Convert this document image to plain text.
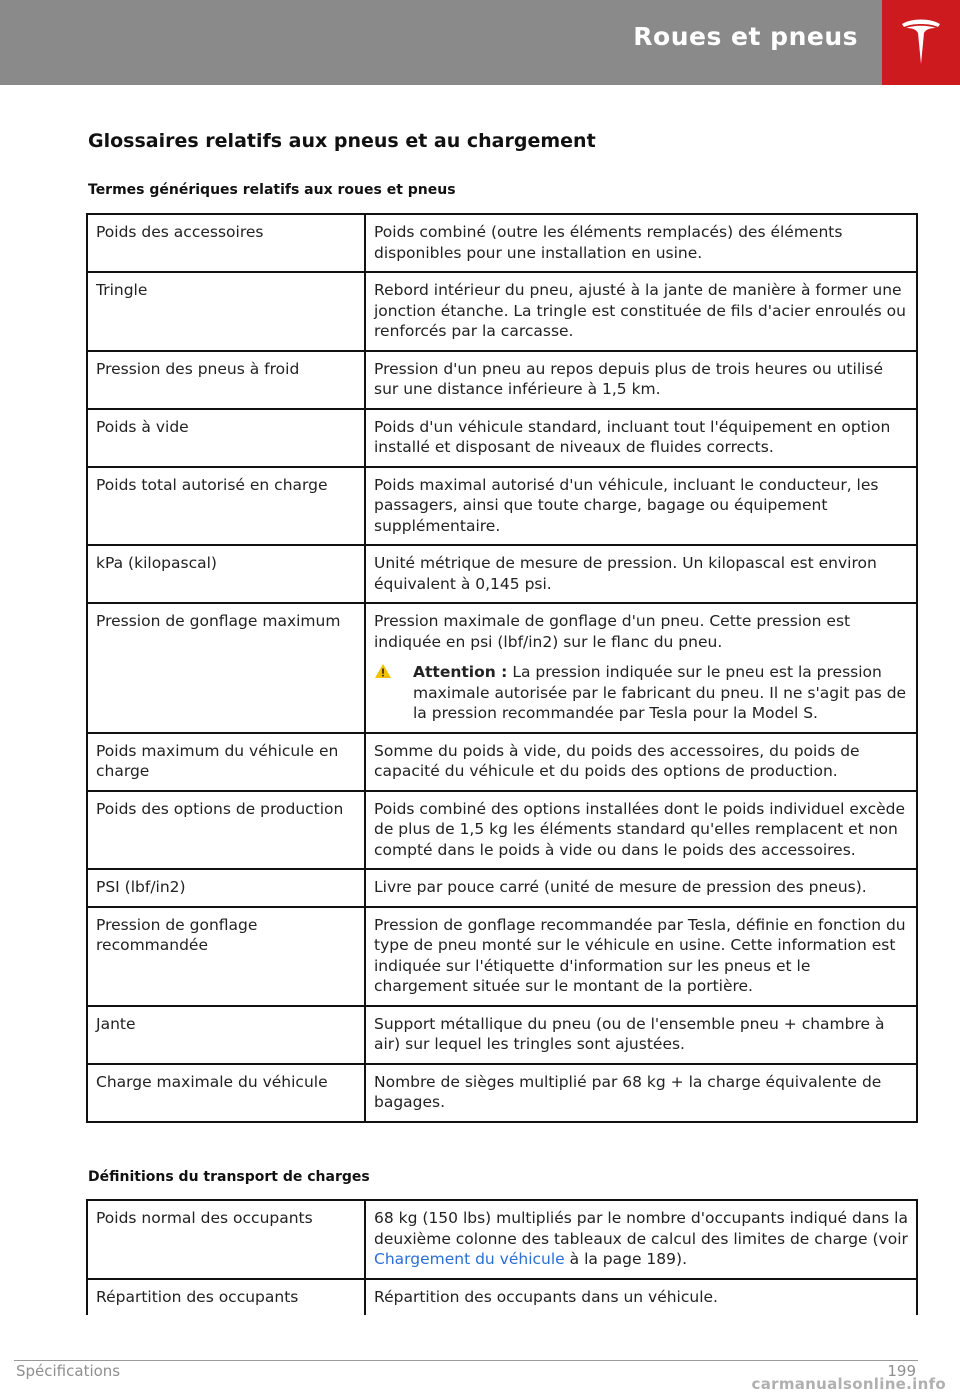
Roues et pneus
Glossaires relatifs aux pneus et au chargement
Termes génériques relatifs aux roues et pneus
Poids des accessoires	Poids combiné (outre les éléments remplacés) des éléments disponibles pour une installation en usine.
Tringle	Rebord intérieur du pneu, ajusté à la jante de manière à former une jonction étanche. La tringle est constituée de fils d'acier enroulés ou renforcés par la carcasse.
Pression des pneus à froid	Pression d'un pneu au repos depuis plus de trois heures ou utilisé sur une distance inférieure à 1,5 km.
Poids à vide	Poids d'un véhicule standard, incluant tout l'équipement en option installé et disposant de niveaux de fluides corrects.
Poids total autorisé en charge	Poids maximal autorisé d'un véhicule, incluant le conducteur, les passagers, ainsi que toute charge, bagage ou équipement supplémentaire.
kPa (kilopascal)	Unité métrique de mesure de pression. Un kilopascal est environ équivalent à 0,145 psi.
Pression de gonflage maximum	Pression maximale de gonflage d'un pneu. Cette pression est indiquée en psi (lbf/in2) sur le flanc du pneu.
Attention : La pression indiquée sur le pneu est la pression maximale autorisée par le fabricant du pneu. Il ne s'agit pas de la pression recommandée par Tesla pour la Model S.

Poids maximum du véhicule en charge	Somme du poids à vide, du poids des accessoires, du poids de capacité du véhicule et du poids des options de production.
Poids des options de production	Poids combiné des options installées dont le poids individuel excède de plus de 1,5 kg les éléments standard qu'elles remplacent et non compté dans le poids à vide ou dans le poids des accessoires.
PSI (lbf/in2)	Livre par pouce carré (unité de mesure de pression des pneus).
Pression de gonflage recommandée	Pression de gonflage recommandée par Tesla, définie en fonction du type de pneu monté sur le véhicule en usine. Cette information est indiquée sur l'étiquette d'information sur les pneus et le chargement située sur le montant de la portière.
Jante	Support métallique du pneu (ou de l'ensemble pneu + chambre à air) sur lequel les tringles sont ajustées.
Charge maximale du véhicule	Nombre de sièges multiplié par 68 kg + la charge équivalente de bagages.
Définitions du transport de charges
Poids normal des occupants	68 kg (150 lbs) multipliés par le nombre d'occupants indiqué dans la deuxième colonne des tableaux de calcul des limites de charge (voir Chargement du véhicule à la page 189).
Répartition des occupants	Répartition des occupants dans un véhicule.
Spécifications	199
carmanualsonline.info
